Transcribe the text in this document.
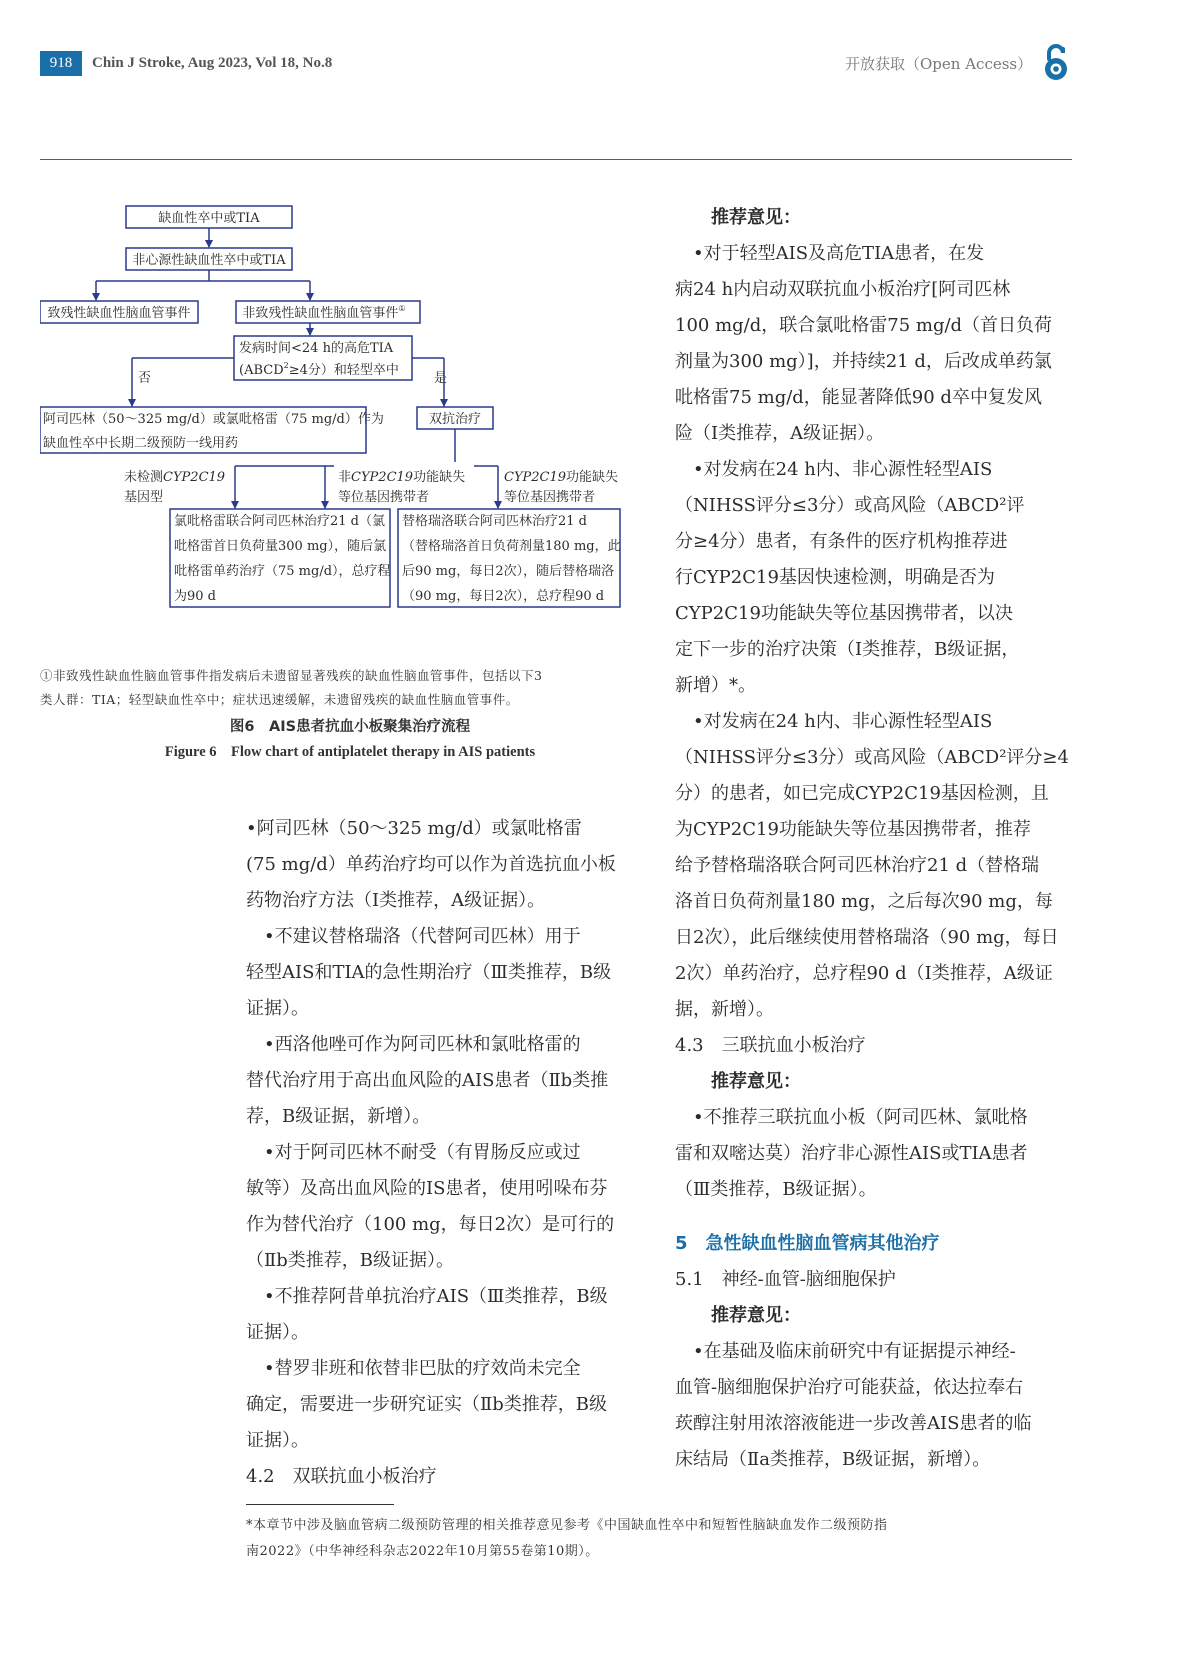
918	Chin J Stroke, Aug 2023, Vol 18, No.8	开放获取（Open Access）
缺血性卒中或TIA
非心源性缺血性卒中或TIA
致残性缺血性脑血管事件	非致残性缺血性脑血管事件①
发病时间<24 h的高危TIA
($ABCD^2\ge 4$分）和轻型卒中
否	是
阿司匹林（50～325 mg/d）或氯吡格雷（75 mg/d）作为
缺血性卒中长期二级预防一线用药
双抗治疗
未检测CYP2C19
基因型
非CYP2C19功能缺失
等位基因携带者
CYP2C19功能缺失
等位基因携带者
氯吡格雷联合阿司匹林治疗21 d（氯
吡格雷首日负荷量300 mg），随后氯
吡格雷单药治疗（75 mg/d），总疗程
为90 d
替格瑞洛联合阿司匹林治疗21 d
（替格瑞洛首日负荷剂量180 mg，此
后90 mg，每日2次），随后替格瑞洛
（90 mg，每日2次），总疗程90 d
①非致残性缺血性脑血管事件指发病后未遗留显著残疾的缺血性脑血管事件，包括以下3
类人群：TIA；轻型缺血性卒中；症状迅速缓解，未遗留残疾的缺血性脑血管事件。
图6　AIS患者抗血小板聚集治疗流程
Figure 6　Flow chart of antiplatelet therapy in AIS patients

•阿司匹林（50～325 mg/d）或氯吡格雷

(75 mg/d）单药治疗均可以作为首选抗血小板

药物治疗方法（Ⅰ类推荐，A级证据）。

　•不建议替格瑞洛（代替阿司匹林）用于

轻型AIS和TIA的急性期治疗（Ⅲ类推荐，B级

证据）。

　•西洛他唑可作为阿司匹林和氯吡格雷的

替代治疗用于高出血风险的AIS患者（Ⅱb类推

荐，B级证据，新增）。

　•对于阿司匹林不耐受（有胃肠反应或过

敏等）及高出血风险的IS患者，使用吲哚布芬

作为替代治疗（100 mg，每日2次）是可行的

（Ⅱb类推荐，B级证据）。

　•不推荐阿昔单抗治疗AIS（Ⅲ类推荐，B级

证据）。

　•替罗非班和依替非巴肽的疗效尚未完全

确定，需要进一步研究证实（Ⅱb类推荐，B级

证据）。

4.2　双联抗血小板治疗

推荐意见：

　•对于轻型AIS及高危TIA患者，在发

病24 h内启动双联抗血小板治疗[阿司匹林

100 mg/d，联合氯吡格雷75 mg/d（首日负荷

剂量为300 mg）]，并持续21 d，后改成单药氯

吡格雷75 mg/d，能显著降低90 d卒中复发风

险（Ⅰ类推荐，A级证据）。

　•对发病在24 h内、非心源性轻型AIS

（NIHSS评分≤3分）或高风险（ABCD²评

分≥4分）患者，有条件的医疗机构推荐进

行CYP2C19基因快速检测，明确是否为

CYP2C19功能缺失等位基因携带者，以决

定下一步的治疗决策（Ⅰ类推荐，B级证据，

新增）*。

　•对发病在24 h内、非心源性轻型AIS

（NIHSS评分≤3分）或高风险（ABCD²评分≥4

分）的患者，如已完成CYP2C19基因检测，且

为CYP2C19功能缺失等位基因携带者，推荐

给予替格瑞洛联合阿司匹林治疗21 d（替格瑞

洛首日负荷剂量180 mg，之后每次90 mg，每

日2次），此后继续使用替格瑞洛（90 mg，每日

2次）单药治疗，总疗程90 d（Ⅰ类推荐，A级证

据，新增）。

4.3　三联抗血小板治疗

推荐意见：

　•不推荐三联抗血小板（阿司匹林、氯吡格

雷和双嘧达莫）治疗非心源性AIS或TIA患者

（Ⅲ类推荐，B级证据）。

5　急性缺血性脑血管病其他治疗

5.1　神经-血管-脑细胞保护

推荐意见：

　•在基础及临床前研究中有证据提示神经-

血管-脑细胞保护治疗可能获益，依达拉奉右

莰醇注射用浓溶液能进一步改善AIS患者的临

床结局（Ⅱa类推荐，B级证据，新增）。

*本章节中涉及脑血管病二级预防管理的相关推荐意见参考《中国缺血性卒中和短暂性脑缺血发作二级预防指
南2022》（中华神经科杂志2022年10月第55卷第10期）。
